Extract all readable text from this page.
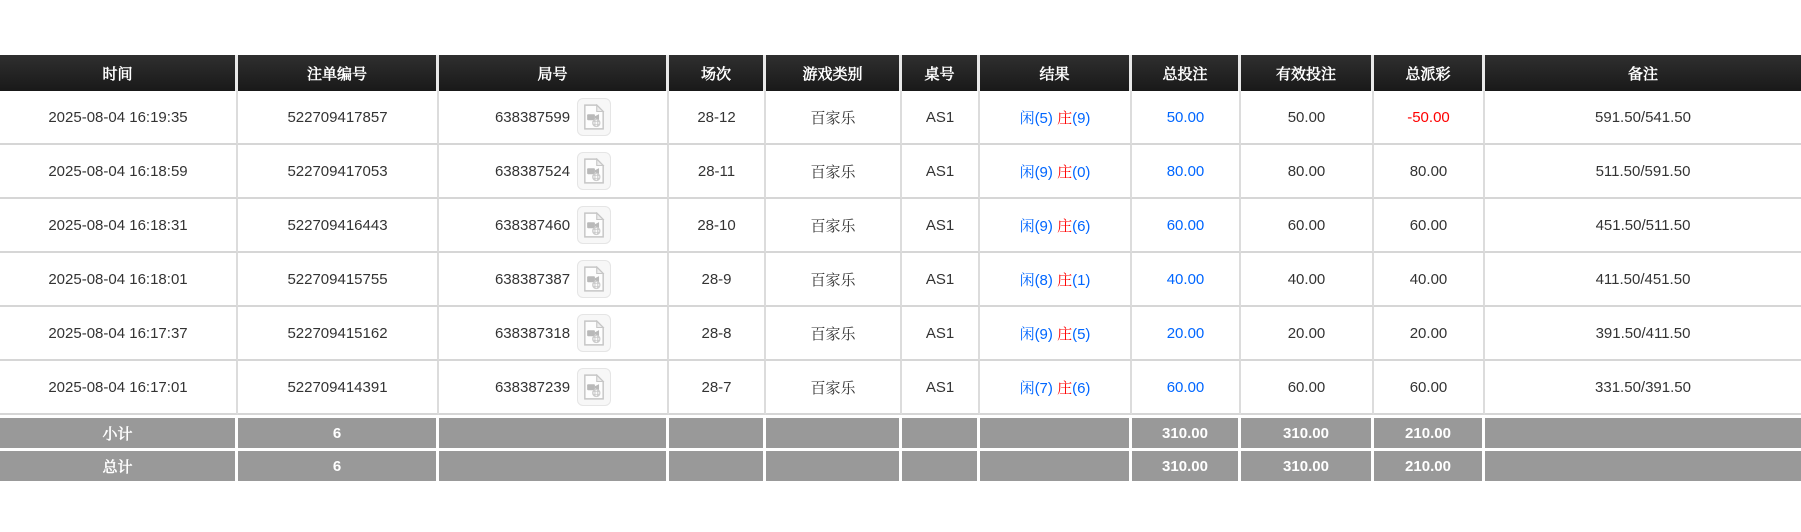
时间	注单编号	局号	场次	游戏类别	桌号	结果	总投注	有效投注	总派彩	备注
2025-08-04 16:19:35	522709417857	638387599	28-12	百家乐	AS1	闲(5) 庄(9)	50.00	50.00	-50.00	591.50/541.50
2025-08-04 16:18:59	522709417053	638387524	28-11	百家乐	AS1	闲(9) 庄(0)	80.00	80.00	80.00	511.50/591.50
2025-08-04 16:18:31	522709416443	638387460	28-10	百家乐	AS1	闲(9) 庄(6)	60.00	60.00	60.00	451.50/511.50
2025-08-04 16:18:01	522709415755	638387387	28-9	百家乐	AS1	闲(8) 庄(1)	40.00	40.00	40.00	411.50/451.50
2025-08-04 16:17:37	522709415162	638387318	28-8	百家乐	AS1	闲(9) 庄(5)	20.00	20.00	20.00	391.50/411.50
2025-08-04 16:17:01	522709414391	638387239	28-7	百家乐	AS1	闲(7) 庄(6)	60.00	60.00	60.00	331.50/391.50
小计	6						310.00	310.00	210.00	
总计	6						310.00	310.00	210.00	
